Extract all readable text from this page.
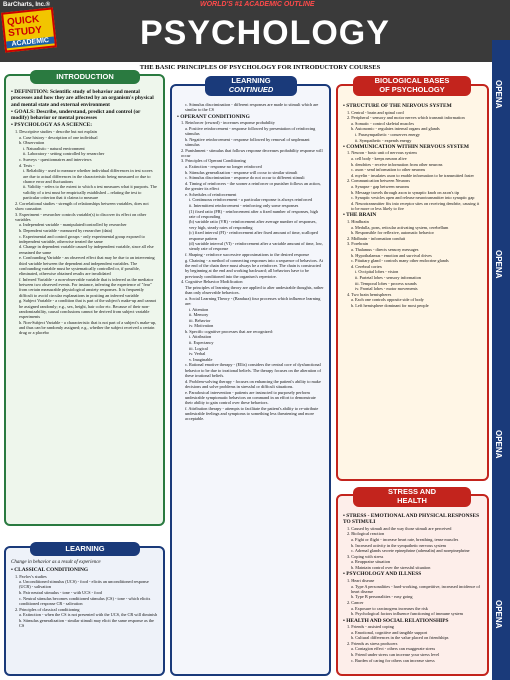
BarCharts, Inc.®	WORLD'S #1 ACADEMIC OUTLINE
QUICK
STUDY
ACADEMIC	PSYCHOLOGY
OPENA
OPENA
OPENA
OPENA
THE BASIC PRINCIPLES OF PSYCHOLOGY FOR INTRODUCTORY COURSES

• DEFINITION: Scientific study of behavior and mental processes and how they are affected by an organism's physical and mental state and external environment

• GOALS: Describe, understand, predict and control (or modify) behavior or mental processes

• PSYCHOLOGY AS A SCIENCE:

1. Descriptive studies - describe but not explain

a. Case history - description of one individual

b. Observation

i. Naturalistic - natural environment

ii. Laboratory - setting controlled by researcher

c. Surveys - questionnaires and interviews

d. Tests -

i. Reliability - used to measure whether individual differences in test scores are due to actual differences in the characteristic being measured or due to chance error and fluctuations

ii. Validity - refers to the extent to which a test measures what it purports. The validity of a test must be empirically established – relating the test to particular criterion that it claims to measure

2. Correlational studies - strength of relationships between variables, does not show causation

3. Experiment - researcher controls variable(s) to discover its effect on other variables

a. Independent variable - manipulated/controlled by researcher

b. Dependent variable - measured by researcher (data)

c. Experimental and control groups - only experimental group exposed to independent variable, otherwise treated the same

d. Change in dependent variable caused by independent variable, since all else remained the same

e. Confounding Variable - an observed effect that may be due to an intervening third variable between the dependent and independent variables. The confounding variable must be systematically controlled or, if possible, eliminated, otherwise obtained results are invalidated

f. Inferred Variable - a non-observable variable that is inferred as the mediator between two observed events. For instance, inferring the experience of "fear" from certain measurable physiological anxiety responses. It is frequently difficult to avoid circular explanations in positing an inferred variable

g. Subject Variable - a condition that is part of the subject's make-up and cannot be assigned randomly; e.g., sex, height, hair color etc. Because of their non-randomizability, causal conclusions cannot be derived from subject variable experiments

h. Non-Subject Variable - a characteristic that is not part of a subject's make-up, and thus can be randomly assigned; e.g., whether the subject received a certain drug or a placebo

INTRODUCTION

Change in behavior as a result of experience

• CLASSICAL CONDITIONING

1. Pavlov's studies

a. Unconditioned stimulus (UCS) - food - elicits an unconditioned response (UCR) - salivation

b. Pair neutral stimulus - tone - with UCS - food

c. Neutral stimulus becomes conditioned stimulus (CS) - tone - which elicits conditioned response CR - salivation

2. Principles of classical conditioning

a. Extinction - when the CS is not presented with the UCS, the CR will diminish

b. Stimulus generalization - similar stimuli may elicit the same response as the CS

LEARNING

c. Stimulus discrimination - different responses are made to stimuli which are similar to the CS

• OPERANT CONDITIONING

1. Reinforcer (reward) - increases response probability

a. Positive reinforcement - response followed by presentation of reinforcing stimulus

b. Negative reinforcement - response followed by removal of unpleasant stimulus

2. Punishment - stimulus that follows response decreases probability response will occur

3. Principles of Operant Conditioning

a. Extinction - response no longer reinforced

b. Stimulus generalization - response will occur to similar stimuli

c. Stimulus discrimination - response do not occur to different stimuli

d. Timing of reinforcers - the sooner a reinforcer or punisher follows an action, the greater its effect

e. Schedules of reinforcement

i. Continuous reinforcement - a particular response is always reinforced

ii. Intermittent reinforcement - reinforcing only some responses

(1) fixed ratio (FR) - reinforcement after a fixed number of responses, high rate of responding

(b) variable ratio (VR) - reinforcement after average number of responses, very high, steady rates of responding

(c) fixed interval (FI) - reinforcement after fixed amount of time, scalloped response pattern

(d) variable interval (VI) - reinforcement after a variable amount of time, low, steady rate of response

f. Shaping - reinforce successive approximations to the desired response

g. Chaining - a method of connecting responses into a sequence of behaviors. At the end of the chain there must always be a reinforcer. The chain is constructed by beginning at the end and working backward; all behaviors have to be previously conditioned into the organism's repertoire.

4. Cognitive Behavior Modification

The principles of learning theory are applied to alter undesirable thoughts, rather than only observable behaviors.

a. Social Learning Theory - (Bandura) four processes which influence learning are:

i. Attention

ii. Memory

iii. Behavior

iv. Motivation

b. Specific cognitive processes that are recognized:

i. Attribution

ii. Expectancy

iii. Logical

iv. Verbal

v. Imaginable

c. Rational emotive therapy - (Ellis) considers the central core of dysfunctional behavior to be due to irrational beliefs. The therapy focuses on the alteration of these irrational beliefs.

d. Problem-solving therapy - focuses on enhancing the patient's ability to make decisions and solve problems in stressful or difficult situations.

e. Paradoxical intervention - patients are instructed to purposely perform undesirable symptomatic behaviors on command in an effort to demonstrate their ability to gain control over these behaviors.

f. Attribution therapy - attempts to facilitate the patient's ability to re-attribute undesirable feelings and symptoms to something less threatening and more acceptable.

LEARNING
CONTINUED

• STRUCTURE OF THE NERVOUS SYSTEM

1. Central - brain and spinal cord

2. Peripheral - sensory and motor nerves which transmit information

a. Somatic - control skeletal muscles

b. Autonomic - regulates internal organs and glands

i. Parasympathetic - conserves energy

ii. Sympathetic - expends energy

• COMMUNICATION WITHIN NERVOUS SYSTEM

1. Neuron - basic unit of nervous system

a. cell body - keeps neuron alive

b. dendrites - receive information from other neurons

c. axon - send information to other neurons

d. myelin - insulates axon to enable information to be transmitted faster

2. Communication between Neurons

a. Synapse - gap between neurons

b. Message travels through axon to synaptic knob on axon's tip

c. Synaptic vesicles open and release neurotransmitter into synaptic gap

d. Neurotransmitter fits into receptor sites on receiving dendrite, causing it to be more or less likely to fire

• THE BRAIN

1. Hindbrain

a. Medulla, pons, reticular activating system, cerebellum

b. Responsible for reflexive, automatic behavior

2. Midbrain - information conduit

3. Forebrain

a. Thalamus - directs sensory messages

b. Hypothalamus - emotion and survival drives

c. Pituitary gland - controls many other endocrine glands

d. Cerebral cortex

i. Occipital lobes - vision

ii. Parietal lobes - sensory information

iii. Temporal lobes - process sounds

iv. Frontal lobes - motor movements

4. Two brain hemispheres

a. Each one controls opposite side of body

b. Left hemisphere dominant for most people

BIOLOGICAL BASES
OF PSYCHOLOGY

• STRESS - EMOTIONAL AND PHYSICAL RESPONSES TO STIMULI

1. Caused by stimuli and the way those stimuli are perceived

2. Biological reaction

a. Fight or flight - increase heart rate, breathing, tense muscles

b. Increased activity in the sympathetic nervous system

c. Adrenal glands secrete epinephrine (adrenalin) and norepinephrine

3. Coping with stress

a. Reappraise situation

b. Maintain control over the stressful situation

• PSYCHOLOGY AND ILLNESS

1. Heart disease

a. Type A personalities - hard-working, competitive, increased incidence of heart disease

b. Type B personalities - easy going

2. Cancer

a. Exposure to carcinogens increases the risk

b. Psychological factors influence functioning of immune system

• HEALTH AND SOCIAL RELATIONSHIPS

1. Friends - assisted coping

a. Emotional, cognitive and tangible support

b. Cultural differences in the value placed on friendships

2. Friends as stress producers

a. Contagion effect - others can exaggerate stress

b. Friend under stress can increase your stress level

c. Burden of caring for others can increase stress

STRESS AND
HEALTH
